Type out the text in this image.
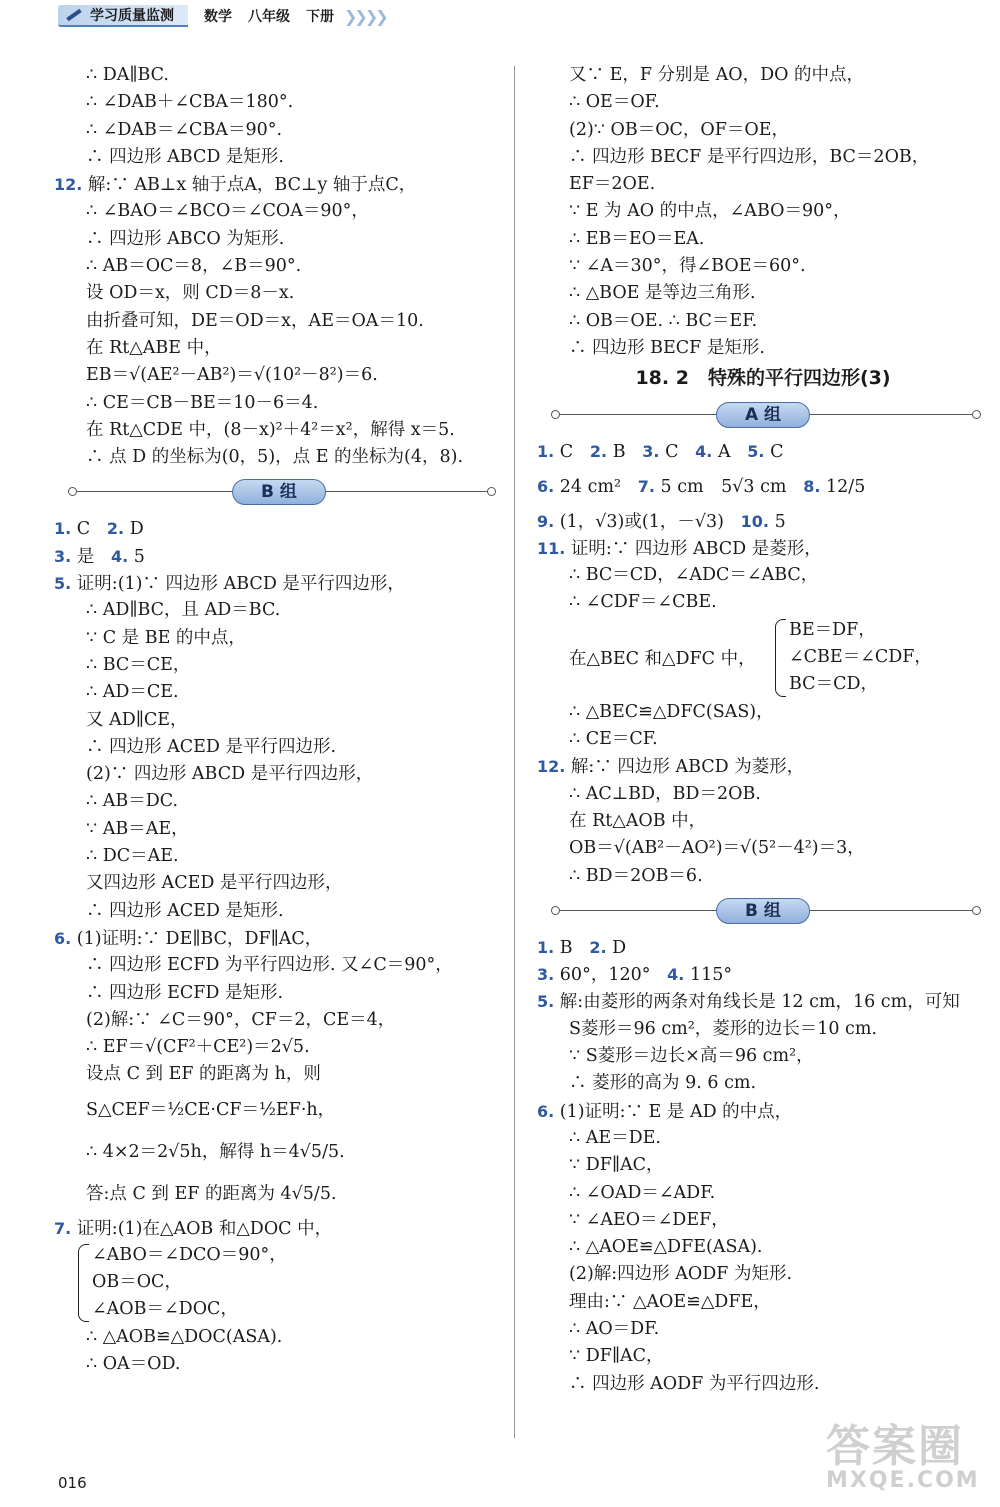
学习质量监测 数学 八年级 下册 ❯❯❯❯
∴ DA∥BC.
∴ ∠DAB＋∠CBA＝180°.
∴ ∠DAB＝∠CBA＝90°.
∴ 四边形 ABCD 是矩形.
12. 解:∵ AB⊥x 轴于点A，BC⊥y 轴于点C，
∴ ∠BAO＝∠BCO＝∠COA＝90°，
∴ 四边形 ABCO 为矩形.
∴ AB＝OC＝8，∠B＝90°.
设 OD＝x，则 CD＝8－x.
由折叠可知，DE＝OD＝x，AE＝OA＝10.
在 Rt△ABE 中，
EB＝√(AE²－AB²)＝√(10²－8²)＝6.
∴ CE＝CB－BE＝10－6＝4.
在 Rt△CDE 中，(8－x)²＋4²＝x²，解得 x＝5.
∴ 点 D 的坐标为(0，5)，点 E 的坐标为(4，8).
B 组
1. C 2. D
3. 是 4. 5
5. 证明:(1)∵ 四边形 ABCD 是平行四边形，
∴ AD∥BC，且 AD＝BC.
∵ C 是 BE 的中点，
∴ BC＝CE，
∴ AD＝CE.
又 AD∥CE，
∴ 四边形 ACED 是平行四边形.
(2)∵ 四边形 ABCD 是平行四边形，
∴ AB＝DC.
∵ AB＝AE，
∴ DC＝AE.
又四边形 ACED 是平行四边形，
∴ 四边形 ACED 是矩形.
6. (1)证明:∵ DE∥BC，DF∥AC，
∴ 四边形 ECFD 为平行四边形. 又∠C＝90°，
∴ 四边形 ECFD 是矩形.
(2)解:∵ ∠C＝90°，CF＝2，CE＝4，
∴ EF＝√(CF²＋CE²)＝2√5.
设点 C 到 EF 的距离为 h，则
S△CEF＝½CE·CF＝½EF·h，
∴ 4×2＝2√5h，解得 h＝4√5/5.
答:点 C 到 EF 的距离为 4√5/5.
7. 证明:(1)在△AOB 和△DOC 中，
∠ABO＝∠DCO＝90°，
OB＝OC，
∠AOB＝∠DOC，
∴ △AOB≌△DOC(ASA).
∴ OA＝OD.
又∵ E，F 分别是 AO，DO 的中点，
∴ OE＝OF.
(2)∵ OB＝OC，OF＝OE，
∴ 四边形 BECF 是平行四边形，BC＝2OB，
EF＝2OE.
∵ E 为 AO 的中点，∠ABO＝90°，
∴ EB＝EO＝EA.
∵ ∠A＝30°，得∠BOE＝60°.
∴ △BOE 是等边三角形.
∴ OB＝OE. ∴ BC＝EF.
∴ 四边形 BECF 是矩形.
18. 2　特殊的平行四边形(3)
A 组
1. C 2. B 3. C 4. A 5. C
6. 24 cm² 7. 5 cm　5√3 cm 8. 12/5
9. (1，√3)或(1，－√3) 10. 5
11. 证明:∵ 四边形 ABCD 是菱形，
∴ BC＝CD，∠ADC＝∠ABC，
∴ ∠CDF＝∠CBE.
在△BEC 和△DFC 中，
BE＝DF，
∠CBE＝∠CDF，
BC＝CD，
∴ △BEC≌△DFC(SAS)，
∴ CE＝CF.
12. 解:∵ 四边形 ABCD 为菱形，
∴ AC⊥BD，BD＝2OB.
在 Rt△AOB 中，
OB＝√(AB²－AO²)＝√(5²－4²)＝3，
∴ BD＝2OB＝6.
B 组
1. B 2. D
3. 60°，120° 4. 115°
5. 解:由菱形的两条对角线长是 12 cm，16 cm，可知
S菱形＝96 cm²，菱形的边长＝10 cm.
∵ S菱形＝边长×高＝96 cm²，
∴ 菱形的高为 9. 6 cm.
6. (1)证明:∵ E 是 AD 的中点，
∴ AE＝DE.
∵ DF∥AC，
∴ ∠OAD＝∠ADF.
∵ ∠AEO＝∠DEF，
∴ △AOE≌△DFE(ASA).
(2)解:四边形 AODF 为矩形.
理由:∵ △AOE≌△DFE，
∴ AO＝DF.
∵ DF∥AC，
∴ 四边形 AODF 为平行四边形.
016
答案圈
MXQE.COM
